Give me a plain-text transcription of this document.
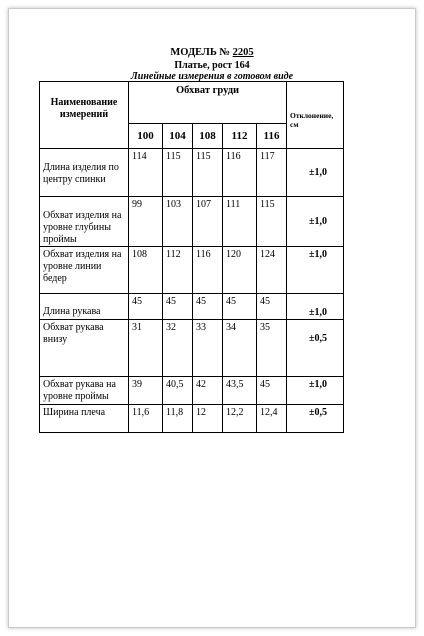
МОДЕЛЬ № 2205
Платье, рост 164
Линейные измерения в готовом виде
Наименование измерений	Обхват груди					Отклонение, см
	100	104	108	112	116	
Длина изделия по центру спинки	114	115	115	116	117	±1,0
Обхват изделия на уровне глубины проймы	99	103	107	111	115	±1,0
Обхват изделия на уровне линии бедер	108	112	116	120	124	±1,0
Длина рукава	45	45	45	45	45	±1,0
Обхват рукава внизу	31	32	33	34	35	±0,5
Обхват рукава на уровне проймы	39	40,5	42	43,5	45	±1,0
Ширина плеча	11,6	11,8	12	12,2	12,4	±0,5
